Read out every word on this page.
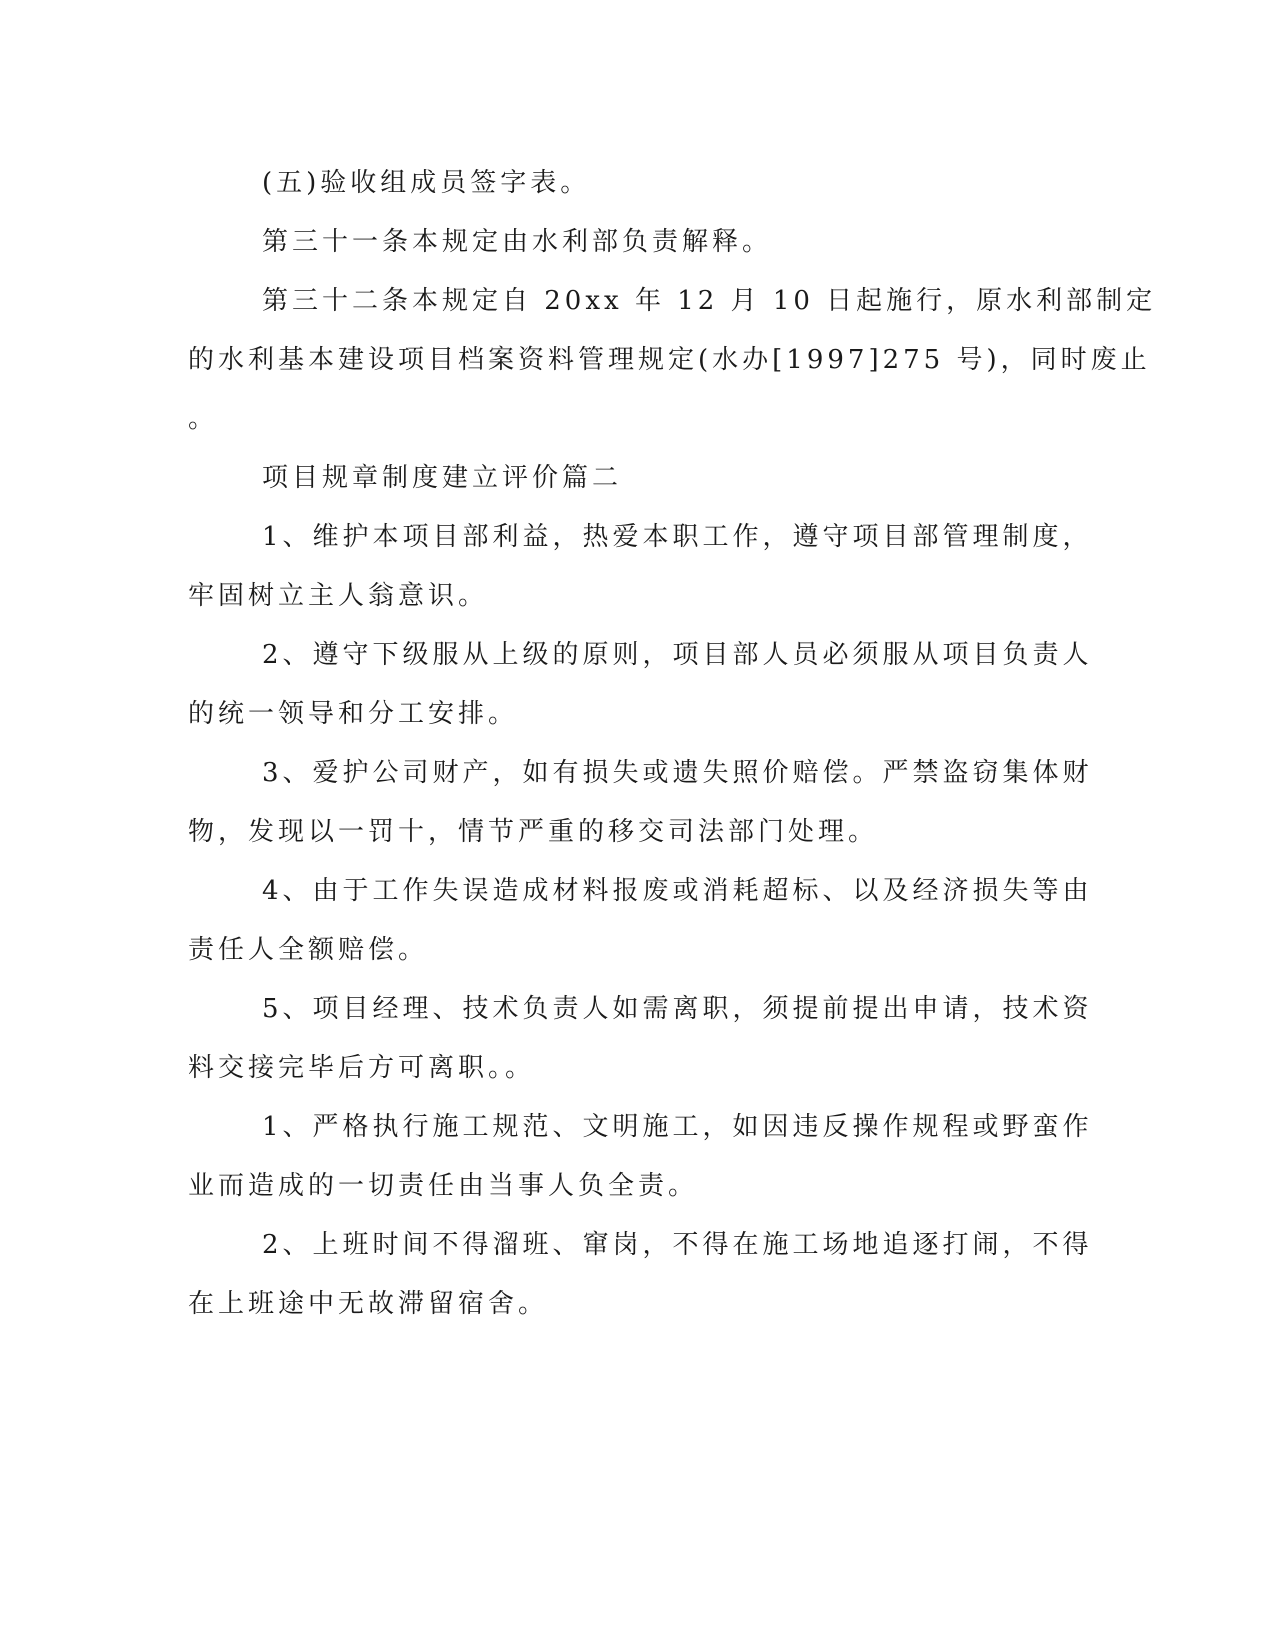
(五)验收组成员签字表。
第三十一条本规定由水利部负责解释。
第三十二条本规定自 20xx 年 12 月 10 日起施行，原水利部制定
的水利基本建设项目档案资料管理规定(水办[1997]275 号)，同时废止
。
项目规章制度建立评价篇二
1、维护本项目部利益，热爱本职工作，遵守项目部管理制度，
牢固树立主人翁意识。
2、遵守下级服从上级的原则，项目部人员必须服从项目负责人
的统一领导和分工安排。
3、爱护公司财产，如有损失或遗失照价赔偿。严禁盗窃集体财
物，发现以一罚十，情节严重的移交司法部门处理。
4、由于工作失误造成材料报废或消耗超标、以及经济损失等由
责任人全额赔偿。
5、项目经理、技术负责人如需离职，须提前提出申请，技术资
料交接完毕后方可离职。。
1、严格执行施工规范、文明施工，如因违反操作规程或野蛮作
业而造成的一切责任由当事人负全责。
2、上班时间不得溜班、窜岗，不得在施工场地追逐打闹，不得
在上班途中无故滞留宿舍。
